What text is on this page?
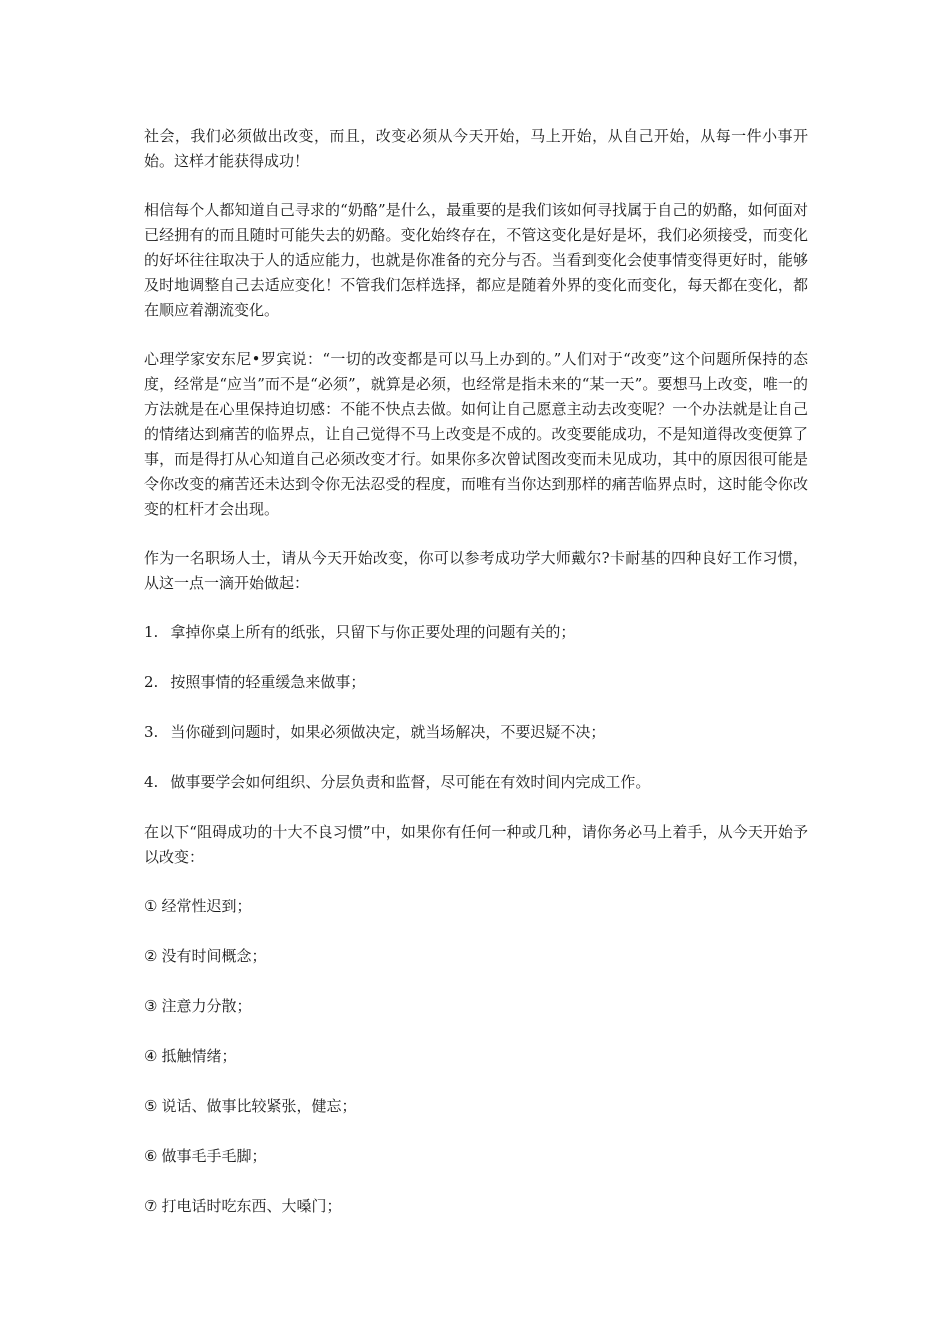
社会，我们必须做出改变，而且，改变必须从今天开始，马上开始，从自己开始，从每一件小事开始。这样才能获得成功！

相信每个人都知道自己寻求的“奶酪”是什么，最重要的是我们该如何寻找属于自己的奶酪，如何面对已经拥有的而且随时可能失去的奶酪。变化始终存在，不管这变化是好是坏，我们必须接受，而变化的好坏往往取决于人的适应能力，也就是你准备的充分与否。当看到变化会使事情变得更好时，能够及时地调整自己去适应变化！不管我们怎样选择，都应是随着外界的变化而变化，每天都在变化，都在顺应着潮流变化。

心理学家安东尼•罗宾说：“一切的改变都是可以马上办到的。”人们对于“改变”这个问题所保持的态度，经常是“应当”而不是“必须”，就算是必须，也经常是指未来的“某一天”。要想马上改变，唯一的方法就是在心里保持迫切感：不能不快点去做。如何让自己愿意主动去改变呢？一个办法就是让自己的情绪达到痛苦的临界点，让自己觉得不马上改变是不成的。改变要能成功，不是知道得改变便算了事，而是得打从心知道自己必须改变才行。如果你多次曾试图改变而未见成功，其中的原因很可能是令你改变的痛苦还未达到令你无法忍受的程度，而唯有当你达到那样的痛苦临界点时，这时能令你改变的杠杆才会出现。

作为一名职场人士，请从今天开始改变，你可以参考成功学大师戴尔?卡耐基的四种良好工作习惯，从这一点一滴开始做起：

1. 拿掉你桌上所有的纸张，只留下与你正要处理的问题有关的；

2. 按照事情的轻重缓急来做事；

3. 当你碰到问题时，如果必须做决定，就当场解决，不要迟疑不决；

4. 做事要学会如何组织、分层负责和监督，尽可能在有效时间内完成工作。

在以下“阻碍成功的十大不良习惯”中，如果你有任何一种或几种，请你务必马上着手，从今天开始予以改变：

① 经常性迟到；

② 没有时间概念；

③ 注意力分散；

④ 抵触情绪；

⑤ 说话、做事比较紧张，健忘；

⑥ 做事毛手毛脚；

⑦ 打电话时吃东西、大嗓门；
